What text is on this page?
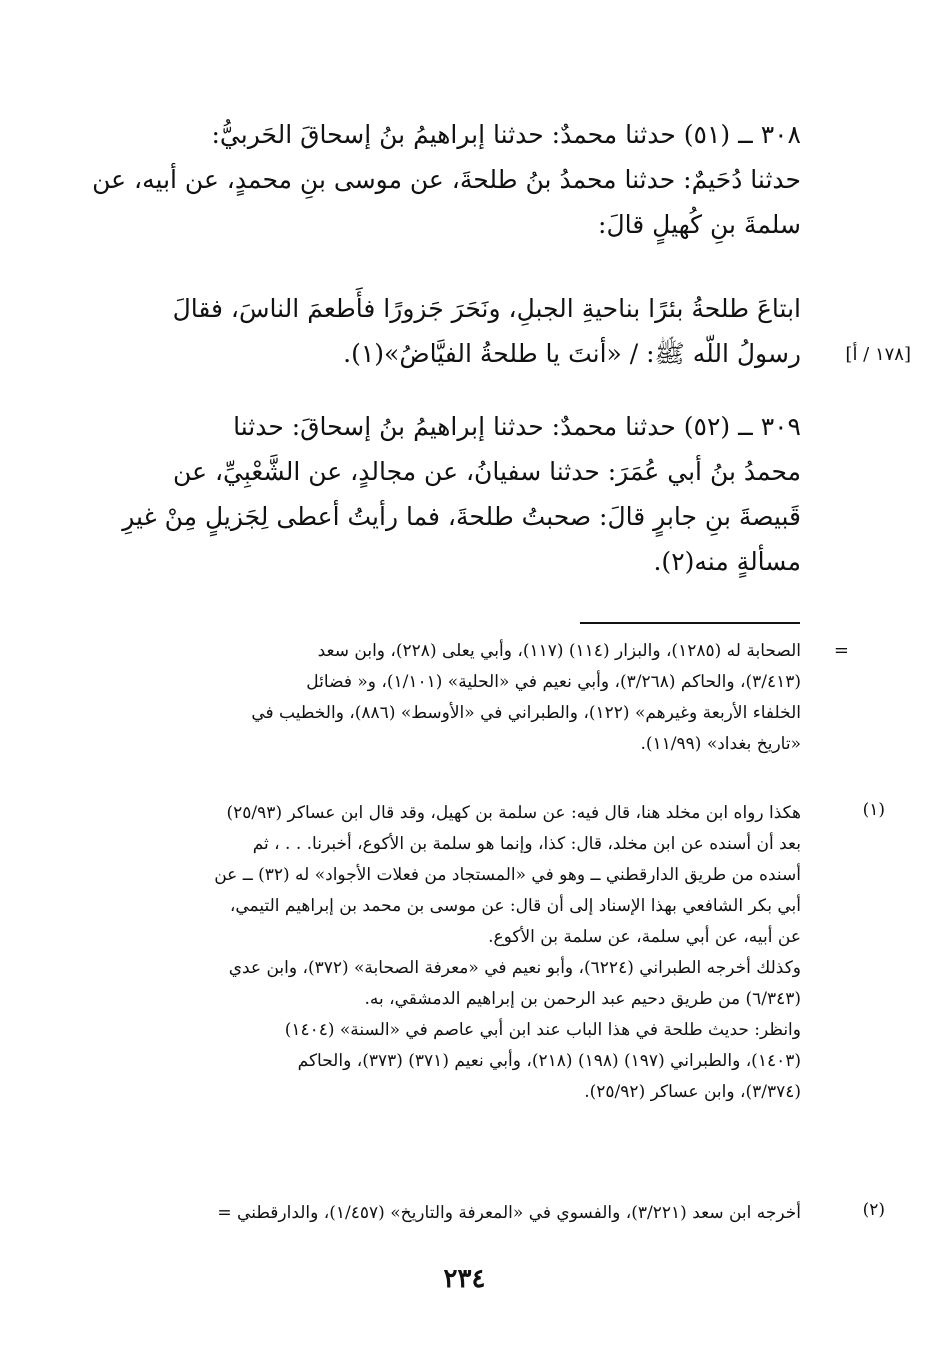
٣٠٨ ــ (٥١) حدثنا محمدٌ: حدثنا إبراهيمُ بنُ إسحاقَ الحَربيُّ:

حدثنا دُحَيمٌ: حدثنا محمدُ بنُ طلحةَ، عن موسى بنِ محمدٍ، عن أبيه، عن

سلمةَ بنِ كُهيلٍ قالَ:

ابتاعَ طلحةُ بئرًا بناحيةِ الجبلِ، ونَحَرَ جَزورًا فأَطعمَ الناسَ، فقالَ

رسولُ اللّه ﷺ: / «أنتَ يا طلحةُ الفيَّاضُ»(١). [١٧٨ / أ]

٣٠٩ ــ (٥٢) حدثنا محمدٌ: حدثنا إبراهيمُ بنُ إسحاقَ: حدثنا

محمدُ بنُ أبي عُمَرَ: حدثنا سفيانُ، عن مجالدٍ، عن الشَّعْبِيِّ، عن

قَبيصةَ بنِ جابرٍ قالَ: صحبتُ طلحةَ، فما رأيتُ أعطى لِجَزيلٍ مِنْ غيرِ

مسألةٍ منه(٢).

=

الصحابة له (١٢٨٥)، والبزار (١١٤) (١١٧)، وأبي يعلى (٢٢٨)، وابن سعد

(٣/٤١٣)، والحاكم (٣/٢٦٨)، وأبي نعيم في «الحلية» (١/١٠١)، و« فضائل

الخلفاء الأربعة وغيرهم» (١٢٢)، والطبراني في «الأوسط» (٨٨٦)، والخطيب في

«تاريخ بغداد» (١١/٩٩).

(١)

هكذا رواه ابن مخلد هنا، قال فيه: عن سلمة بن كهيل، وقد قال ابن عساكر (٢٥/٩٣)

بعد أن أسنده عن ابن مخلد، قال: كذا، وإنما هو سلمة بن الأكوع، أخبرنا. . . ، ثم

أسنده من طريق الدارقطني ــ وهو في «المستجاد من فعلات الأجواد» له (٣٢) ــ عن

أبي بكر الشافعي بهذا الإسناد إلى أن قال: عن موسى بن محمد بن إبراهيم التيمي،

عن أبيه، عن أبي سلمة، عن سلمة بن الأكوع.

وكذلك أخرجه الطبراني (٦٢٢٤)، وأبو نعيم في «معرفة الصحابة» (٣٧٢)، وابن عدي

(٦/٣٤٣) من طريق دحيم عبد الرحمن بن إبراهيم الدمشقي، به.

وانظر: حديث طلحة في هذا الباب عند ابن أبي عاصم في «السنة» (١٤٠٤)

(١٤٠٣)، والطبراني (١٩٧) (١٩٨) (٢١٨)، وأبي نعيم (٣٧١) (٣٧٣)، والحاكم

(٣/٣٧٤)، وابن عساكر (٢٥/٩٢).

(٢)

أخرجه ابن سعد (٣/٢٢١)، والفسوي في «المعرفة والتاريخ» (١/٤٥٧)، والدارقطني =

٢٣٤
